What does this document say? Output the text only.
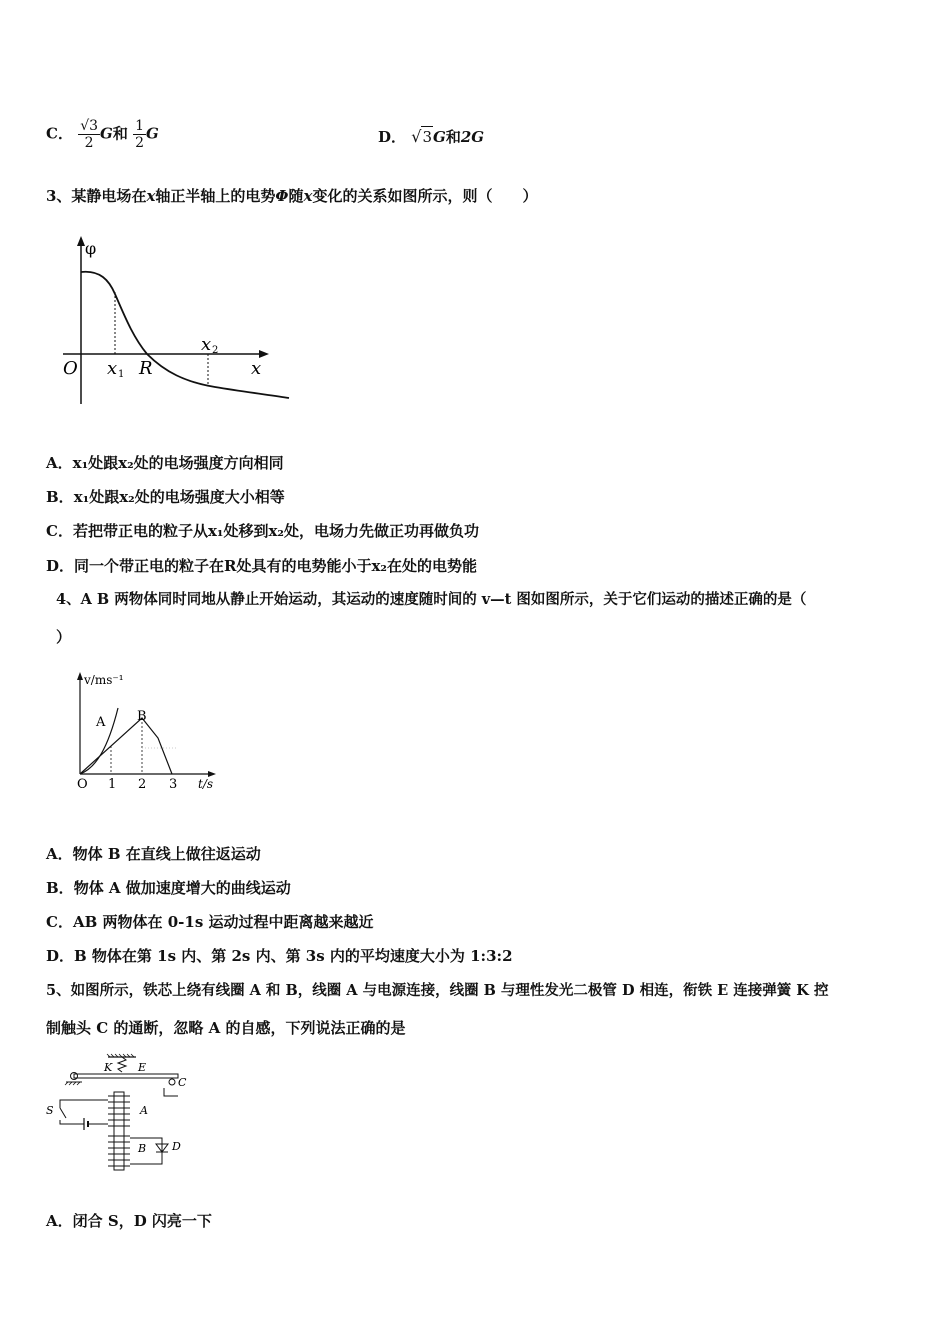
C． $\frac{√3}{2}$ G和 $\frac{1}{2}$ G	D． √3G和2G
3、某静电场在x轴正半轴上的电势Φ随x变化的关系如图所示，则（　　）
φ
O x 1 R
x 2
x
A．x₁处跟x₂处的电场强度方向相同
B．x₁处跟x₂处的电场强度大小相等
C．若把带正电的粒子从x₁处移到x₂处，电场力先做正功再做负功
D．同一个带正电的粒子在R处具有的电势能小于x₂在处的电势能
4、A B 两物体同时同地从静止开始运动，其运动的速度随时间的 v—t 图如图所示，关于它们运动的描述正确的是（
）
v/ms⁻¹
A B
O 1 2 3 t/s
A．物体 B 在直线上做往返运动
B．物体 A 做加速度增大的曲线运动
C．AB 两物体在 0-1s 运动过程中距离越来越近
D．B 物体在第 1s 内、第 2s 内、第 3s 内的平均速度大小为 1:3:2
5、如图所示，铁芯上绕有线圈 A 和 B，线圈 A 与电源连接，线圈 B 与理性发光二极管 D 相连，衔铁 E 连接弹簧 K 控
制触头 C 的通断，忽略 A 的自感，下列说法正确的是
K E
C
S	A
B D
A．闭合 S，D 闪亮一下
